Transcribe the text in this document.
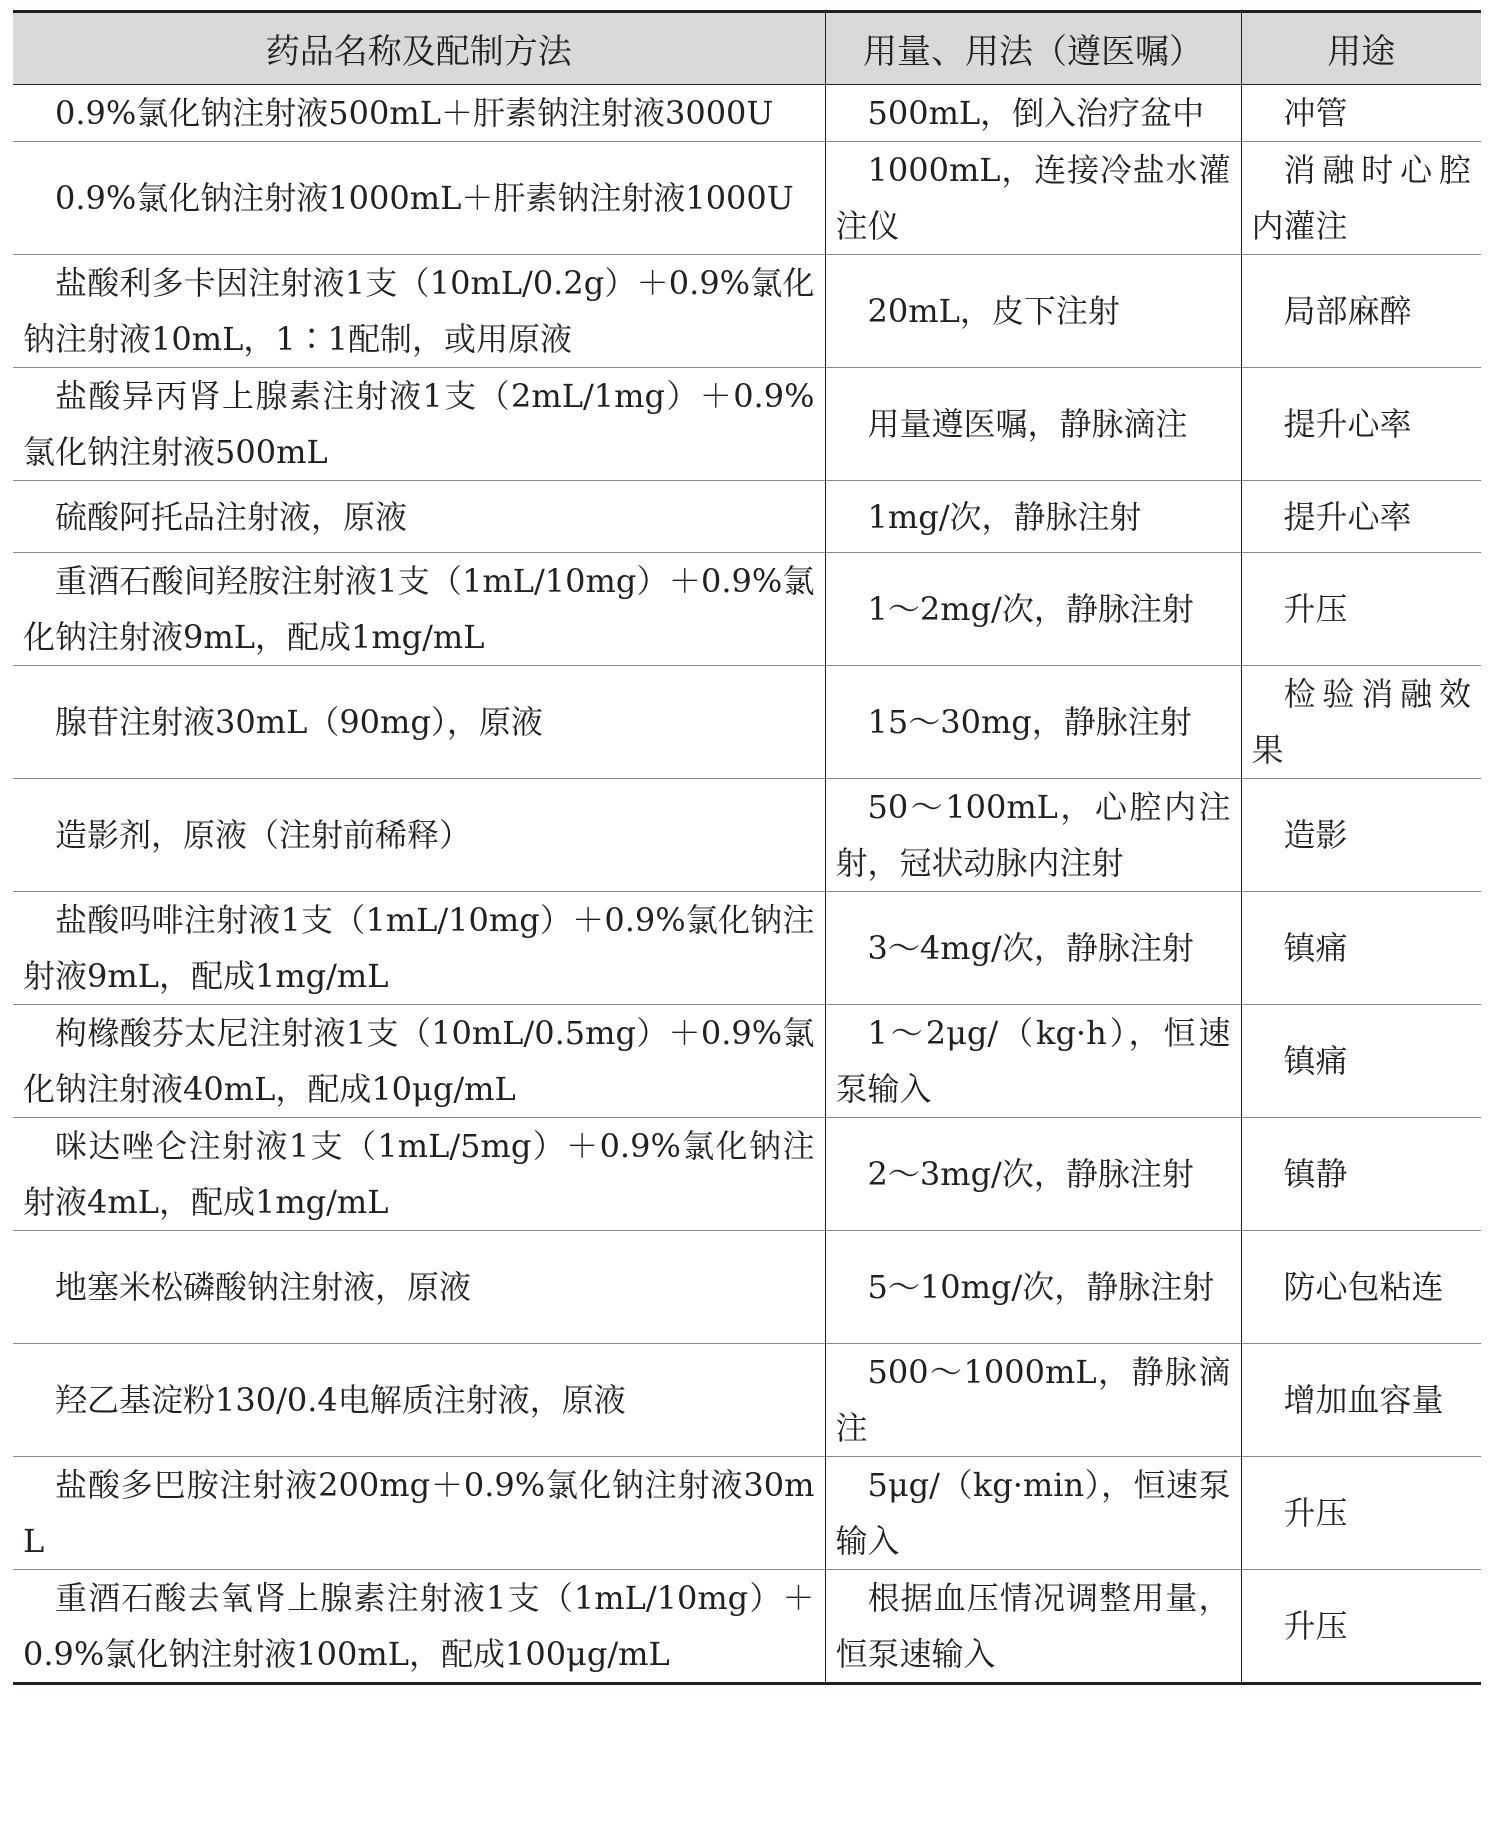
药品名称及配制方法	用量、用法（遵医嘱）	用途

0.9%氯化钠注射液500mL＋肝素钠注射液3000U	500mL，倒入治疗盆中	冲管

0.9%氯化钠注射液1000mL＋肝素钠注射液1000U	1000mL，连接冷盐水灌注仪	消融时心腔内灌注

盐酸利多卡因注射液1支（10mL/0.2g）＋0.9%氯化钠注射液10mL，1∶1配制，或用原液	20mL，皮下注射	局部麻醉

盐酸异丙肾上腺素注射液1支（2mL/1mg）＋0.9%氯化钠注射液500mL	用量遵医嘱，静脉滴注	提升心率

硫酸阿托品注射液，原液	1mg/次，静脉注射	提升心率

重酒石酸间羟胺注射液1支（1mL/10mg）＋0.9%氯化钠注射液9mL，配成1mg/mL	1～2mg/次，静脉注射	升压

腺苷注射液30mL（90mg），原液	15～30mg，静脉注射	检验消融效果

造影剂，原液（注射前稀释）	50～100mL，心腔内注射，冠状动脉内注射	造影

盐酸吗啡注射液1支（1mL/10mg）＋0.9%氯化钠注射液9mL，配成1mg/mL	3～4mg/次，静脉注射	镇痛

枸橼酸芬太尼注射液1支（10mL/0.5mg）＋0.9%氯化钠注射液40mL，配成10μg/mL	1～2μg/（kg·h），恒速泵输入	镇痛

咪达唑仑注射液1支（1mL/5mg）＋0.9%氯化钠注射液4mL，配成1mg/mL	2～3mg/次，静脉注射	镇静

地塞米松磷酸钠注射液，原液	5～10mg/次，静脉注射	防心包粘连

羟乙基淀粉130/0.4电解质注射液，原液	500～1000mL，静脉滴注	增加血容量

盐酸多巴胺注射液200mg＋0.9%氯化钠注射液30mL	5μg/（kg·min），恒速泵输入	升压

重酒石酸去氧肾上腺素注射液1支（1mL/10mg）＋0.9%氯化钠注射液100mL，配成100μg/mL	根据血压情况调整用量，恒泵速输入	升压
